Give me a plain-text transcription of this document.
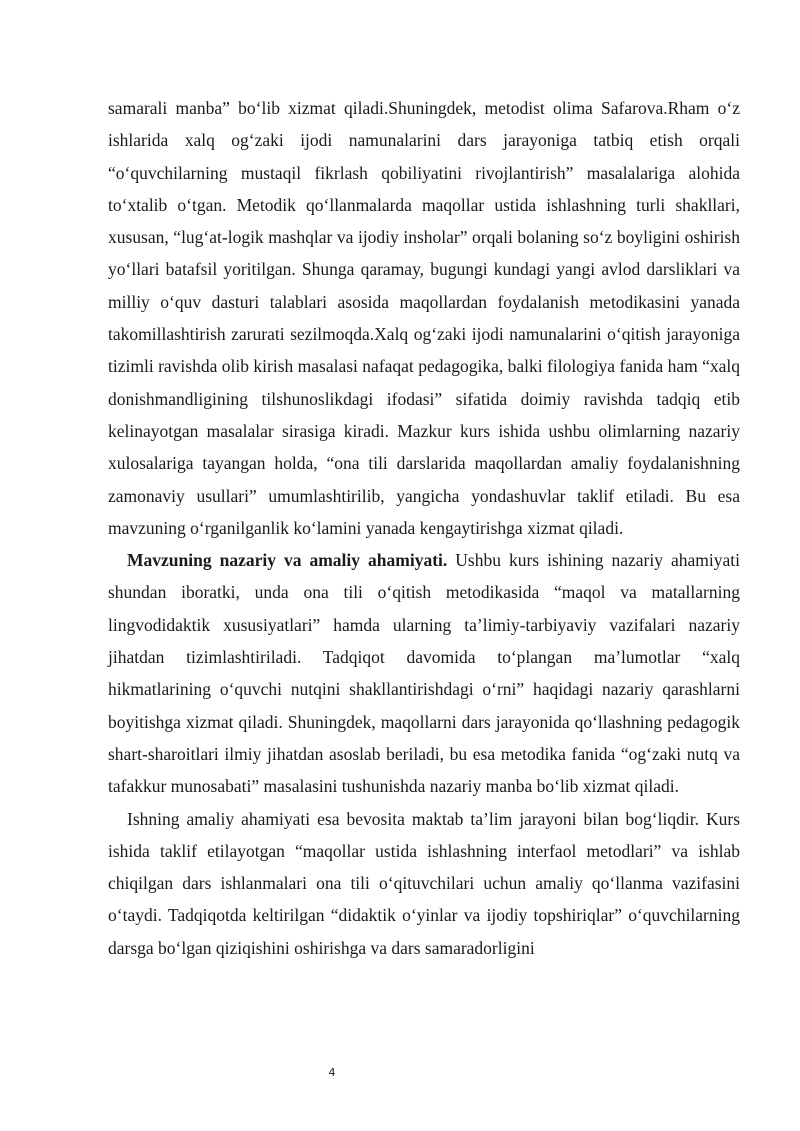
samarali manba” bo‘lib xizmat qiladi.Shuningdek, metodist olima Safarova.Rham o‘z ishlarida xalq og‘zaki ijodi namunalarini dars jarayoniga tatbiq etish orqali “o‘quvchilarning mustaqil fikrlash qobiliyatini rivojlantirish” masalalariga alohida to‘xtalib o‘tgan. Metodik qo‘llanmalarda maqollar ustida ishlashning turli shakllari, xususan, “lug‘at-logik mashqlar va ijodiy insholar” orqali bolaning so‘z boyligini oshirish yo‘llari batafsil yoritilgan. Shunga qaramay, bugungi kundagi yangi avlod darsliklari va milliy o‘quv dasturi talablari asosida maqollardan foydalanish metodikasini yanada takomillashtirish zarurati sezilmoqda.Xalq og‘zaki ijodi namunalarini o‘qitish jarayoniga tizimli ravishda olib kirish masalasi nafaqat pedagogika, balki filologiya fanida ham “xalq donishmandligining tilshunoslikdagi ifodasi” sifatida doimiy ravishda tadqiq etib kelinayotgan masalalar sirasiga kiradi. Mazkur kurs ishida ushbu olimlarning nazariy xulosalariga tayangan holda, “ona tili darslarida maqollardan amaliy foydalanishning zamonaviy usullari” umumlashtirilib, yangicha yondashuvlar taklif etiladi. Bu esa mavzuning o‘rganilganlik ko‘lamini yanada kengaytirishga xizmat qiladi.

Mavzuning nazariy va amaliy ahamiyati. Ushbu kurs ishining nazariy ahamiyati shundan iboratki, unda ona tili o‘qitish metodikasida “maqol va matallarning lingvodidaktik xususiyatlari” hamda ularning ta’limiy-tarbiyaviy vazifalari nazariy jihatdan tizimlashtiriladi. Tadqiqot davomida to‘plangan ma’lumotlar “xalq hikmatlarining o‘quvchi nutqini shakllantirishdagi o‘rni” haqidagi nazariy qarashlarni boyitishga xizmat qiladi. Shuningdek, maqollarni dars jarayonida qo‘llashning pedagogik shart-sharoitlari ilmiy jihatdan asoslab beriladi, bu esa metodika fanida “og‘zaki nutq va tafakkur munosabati” masalasini tushunishda nazariy manba bo‘lib xizmat qiladi.

Ishning amaliy ahamiyati esa bevosita maktab ta’lim jarayoni bilan bog‘liqdir. Kurs ishida taklif etilayotgan “maqollar ustida ishlashning interfaol metodlari” va ishlab chiqilgan dars ishlanmalari ona tili o‘qituvchilari uchun amaliy qo‘llanma vazifasini o‘taydi. Tadqiqotda keltirilgan “didaktik o‘yinlar va ijodiy topshiriqlar” o‘quvchilarning darsga bo‘lgan qiziqishini oshirishga va dars samaradorligini

4
